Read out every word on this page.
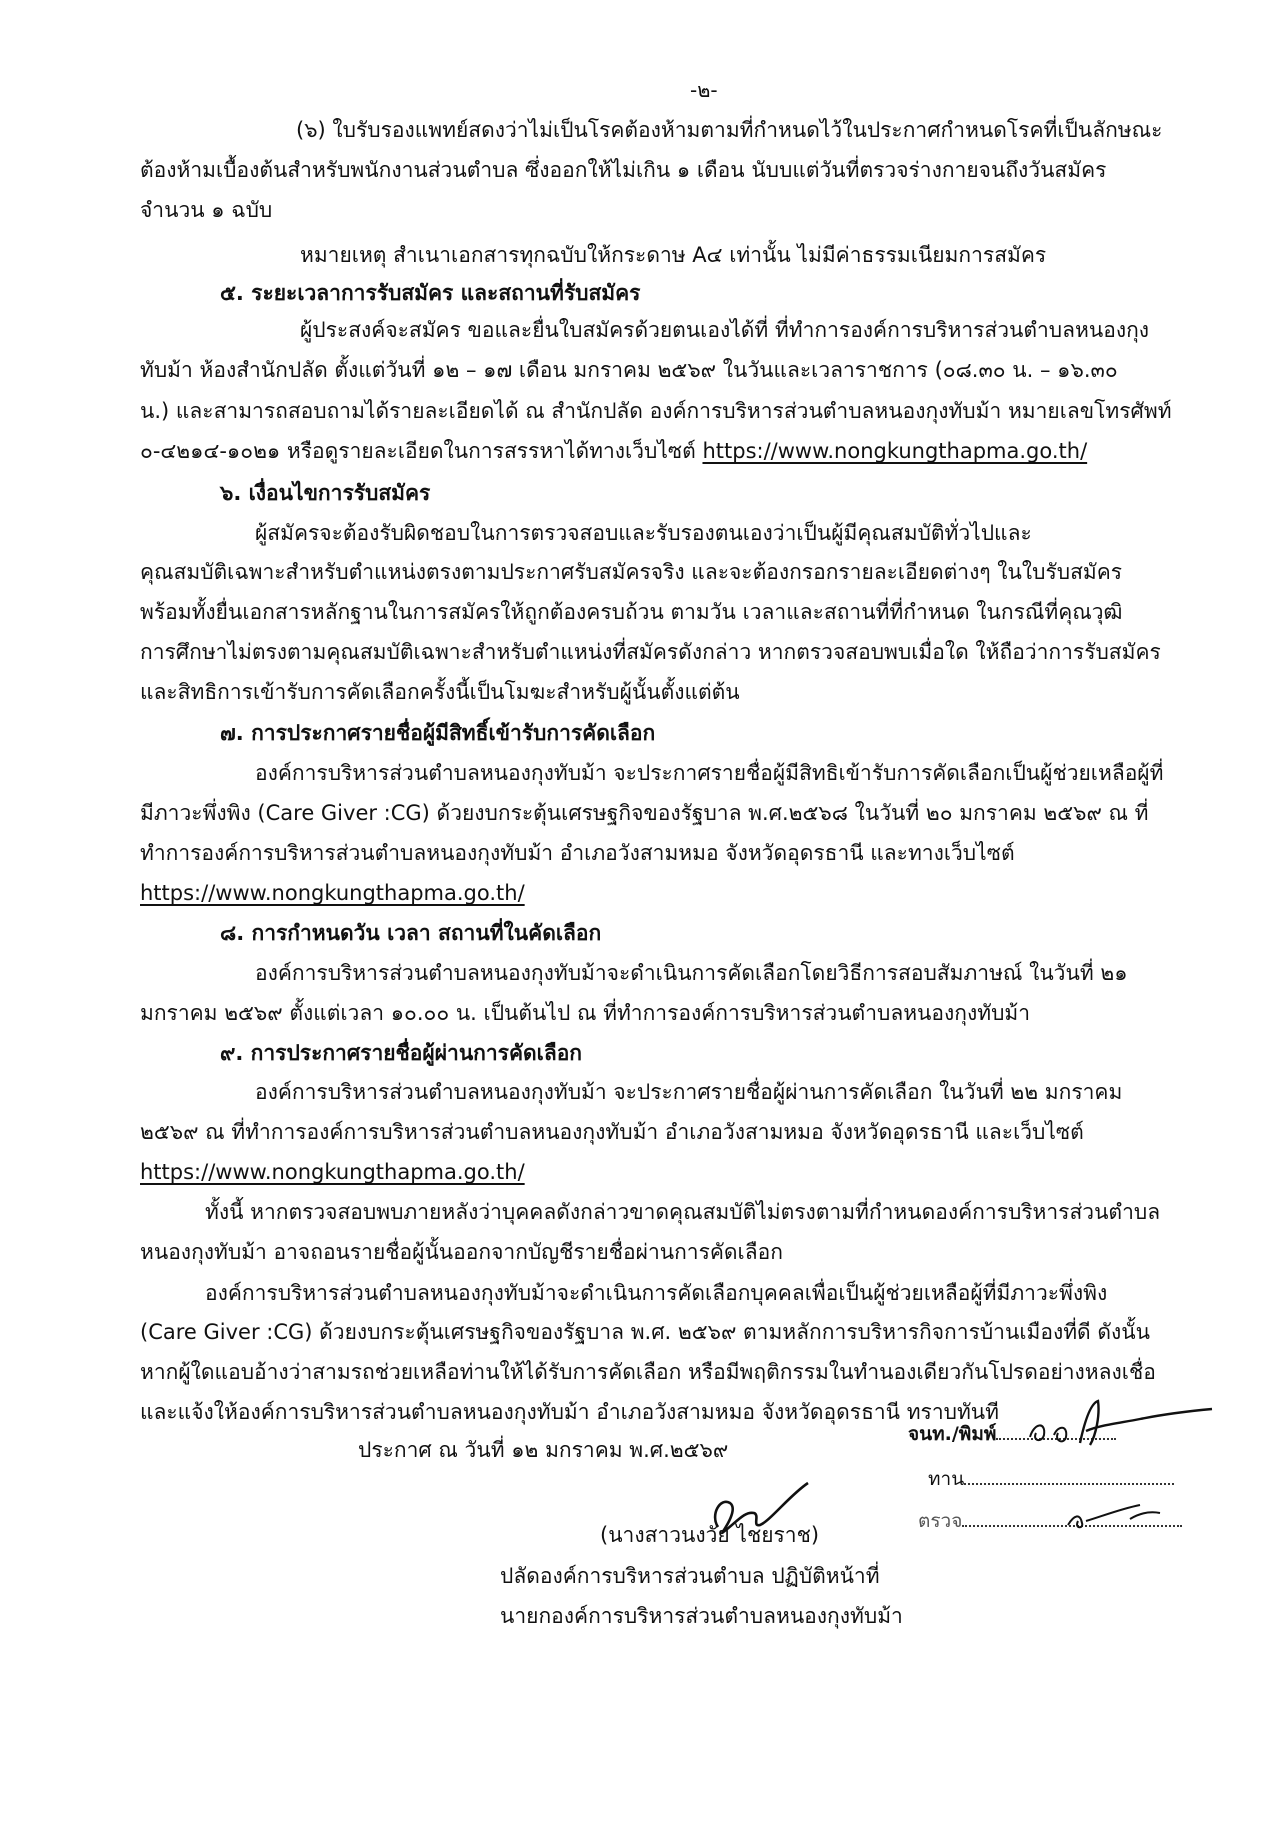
-๒-
(๖) ใบรับรองแพทย์สดงว่าไม่เป็นโรคต้องห้ามตามที่กำหนดไว้ในประกาศกำหนดโรคที่เป็นลักษณะ
ต้องห้ามเบื้องต้นสำหรับพนักงานส่วนตำบล ซึ่งออกให้ไม่เกิน ๑ เดือน นับบแต่วันที่ตรวจร่างกายจนถึงวันสมัคร
จำนวน ๑ ฉบับ
หมายเหตุ สำเนาเอกสารทุกฉบับให้กระดาษ A๔ เท่านั้น ไม่มีค่าธรรมเนียมการสมัคร
๕. ระยะเวลาการรับสมัคร และสถานที่รับสมัคร
ผู้ประสงค์จะสมัคร ขอและยื่นใบสมัครด้วยตนเองได้ที่ ที่ทำการองค์การบริหารส่วนตำบลหนองกุง
ทับม้า ห้องสำนักปลัด ตั้งแต่วันที่ ๑๒ – ๑๗ เดือน มกราคม ๒๕๖๙ ในวันและเวลาราชการ (๐๘.๓๐ น. – ๑๖.๓๐
น.) และสามารถสอบถามได้รายละเอียดได้ ณ สำนักปลัด องค์การบริหารส่วนตำบลหนองกุงทับม้า หมายเลขโทรศัพท์
๐-๔๒๑๔-๑๐๒๑ หรือดูรายละเอียดในการสรรหาได้ทางเว็บไซต์ https://www.nongkungthapma.go.th/
๖. เงื่อนไขการรับสมัคร
ผู้สมัครจะต้องรับผิดชอบในการตรวจสอบและรับรองตนเองว่าเป็นผู้มีคุณสมบัติทั่วไปและ
คุณสมบัติเฉพาะสำหรับตำแหน่งตรงตามประกาศรับสมัครจริง และจะต้องกรอกรายละเอียดต่างๆ ในใบรับสมัคร
พร้อมทั้งยื่นเอกสารหลักฐานในการสมัครให้ถูกต้องครบถ้วน ตามวัน เวลาและสถานที่ที่กำหนด ในกรณีที่คุณวุฒิ
การศึกษาไม่ตรงตามคุณสมบัติเฉพาะสำหรับตำแหน่งที่สมัครดังกล่าว หากตรวจสอบพบเมื่อใด ให้ถือว่าการรับสมัคร
และสิทธิการเข้ารับการคัดเลือกครั้งนี้เป็นโมฆะสำหรับผู้นั้นตั้งแต่ต้น
๗. การประกาศรายชื่อผู้มีสิทธิ์เข้ารับการคัดเลือก
องค์การบริหารส่วนตำบลหนองกุงทับม้า จะประกาศรายชื่อผู้มีสิทธิเข้ารับการคัดเลือกเป็นผู้ช่วยเหลือผู้ที่
มีภาวะพึ่งพิง (Care Giver :CG) ด้วยงบกระตุ้นเศรษฐกิจของรัฐบาล พ.ศ.๒๕๖๘ ในวันที่ ๒๐ มกราคม ๒๕๖๙ ณ ที่
ทำการองค์การบริหารส่วนตำบลหนองกุงทับม้า อำเภอวังสามหมอ จังหวัดอุดรธานี และทางเว็บไซต์
https://www.nongkungthapma.go.th/
๘. การกำหนดวัน เวลา สถานที่ในคัดเลือก
องค์การบริหารส่วนตำบลหนองกุงทับม้าจะดำเนินการคัดเลือกโดยวิธีการสอบสัมภาษณ์ ในวันที่ ๒๑
มกราคม ๒๕๖๙ ตั้งแต่เวลา ๑๐.๐๐ น. เป็นต้นไป ณ ที่ทำการองค์การบริหารส่วนตำบลหนองกุงทับม้า
๙. การประกาศรายชื่อผู้ผ่านการคัดเลือก
องค์การบริหารส่วนตำบลหนองกุงทับม้า จะประกาศรายชื่อผู้ผ่านการคัดเลือก ในวันที่ ๒๒ มกราคม
๒๕๖๙ ณ ที่ทำการองค์การบริหารส่วนตำบลหนองกุงทับม้า อำเภอวังสามหมอ จังหวัดอุดรธานี และเว็บไซต์
https://www.nongkungthapma.go.th/
ทั้งนี้ หากตรวจสอบพบภายหลังว่าบุคคลดังกล่าวขาดคุณสมบัติไม่ตรงตามที่กำหนดองค์การบริหารส่วนตำบล
หนองกุงทับม้า อาจถอนรายชื่อผู้นั้นออกจากบัญชีรายชื่อผ่านการคัดเลือก
องค์การบริหารส่วนตำบลหนองกุงทับม้าจะดำเนินการคัดเลือกบุคคลเพื่อเป็นผู้ช่วยเหลือผู้ที่มีภาวะพึ่งพิง
(Care Giver :CG) ด้วยงบกระตุ้นเศรษฐกิจของรัฐบาล พ.ศ. ๒๕๖๙ ตามหลักการบริหารกิจการบ้านเมืองที่ดี ดังนั้น
หากผู้ใดแอบอ้างว่าสามรถช่วยเหลือท่านให้ได้รับการคัดเลือก หรือมีพฤติกรรมในทำนองเดียวกันโปรดอย่างหลงเชื่อ
และแจ้งให้องค์การบริหารส่วนตำบลหนองกุงทับม้า อำเภอวังสามหมอ จังหวัดอุดรธานี ทราบทันที
ประกาศ ณ วันที่ ๑๒ มกราคม พ.ศ.๒๕๖๙
จนท./พิมพ์
ทาน
ตรวจ
(นางสาวนงวัย ไชยราช)
ปลัดองค์การบริหารส่วนตำบล ปฏิบัติหน้าที่
นายกองค์การบริหารส่วนตำบลหนองกุงทับม้า
